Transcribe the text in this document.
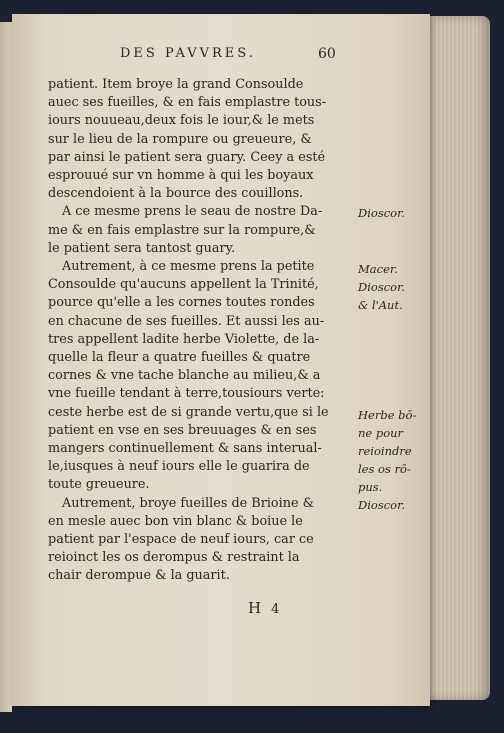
DES PAVVRES.	60
patient. Item broye la grand Consoulde
auec ses fueilles, & en fais emplastre tous-
iours nouueau,deux fois le iour,& le mets
sur le lieu de la rompure ou greueure, &
par ainsi le patient sera guary. Ceey a esté
esprouué sur vn homme à qui les boyaux
descendoient à la bource des couillons.
A ce mesme prens le seau de nostre Da-
me & en fais emplastre sur la rompure,&
le patient sera tantost guary.
Autrement, à ce mesme prens la petite
Consoulde qu'aucuns appellent la Trinité,
pource qu'elle a les cornes toutes rondes
en chacune de ses fueilles. Et aussi les au-
tres appellent ladite herbe Violette, de la-
quelle la fleur a quatre fueilles & quatre
cornes & vne tache blanche au milieu,& a
vne fueille tendant à terre,tousiours verte:
ceste herbe est de si grande vertu,que si le
patient en vse en ses breuuages & en ses
mangers continuellement & sans interual-
le,iusques à neuf iours elle le guarira de
toute greueure.
Autrement, broye fueilles de Brioine &
en mesle auec bon vin blanc & boiue le
patient par l'espace de neuf iours, car ce
reioinct les os derompus & restraint la
chair derompue & la guarit.
Dioscor.
Macer.
Dioscor.
& l'Aut.
Herbe bō-
ne pour
reioindre
les os rō-
pus.
Dioscor.
H 4
